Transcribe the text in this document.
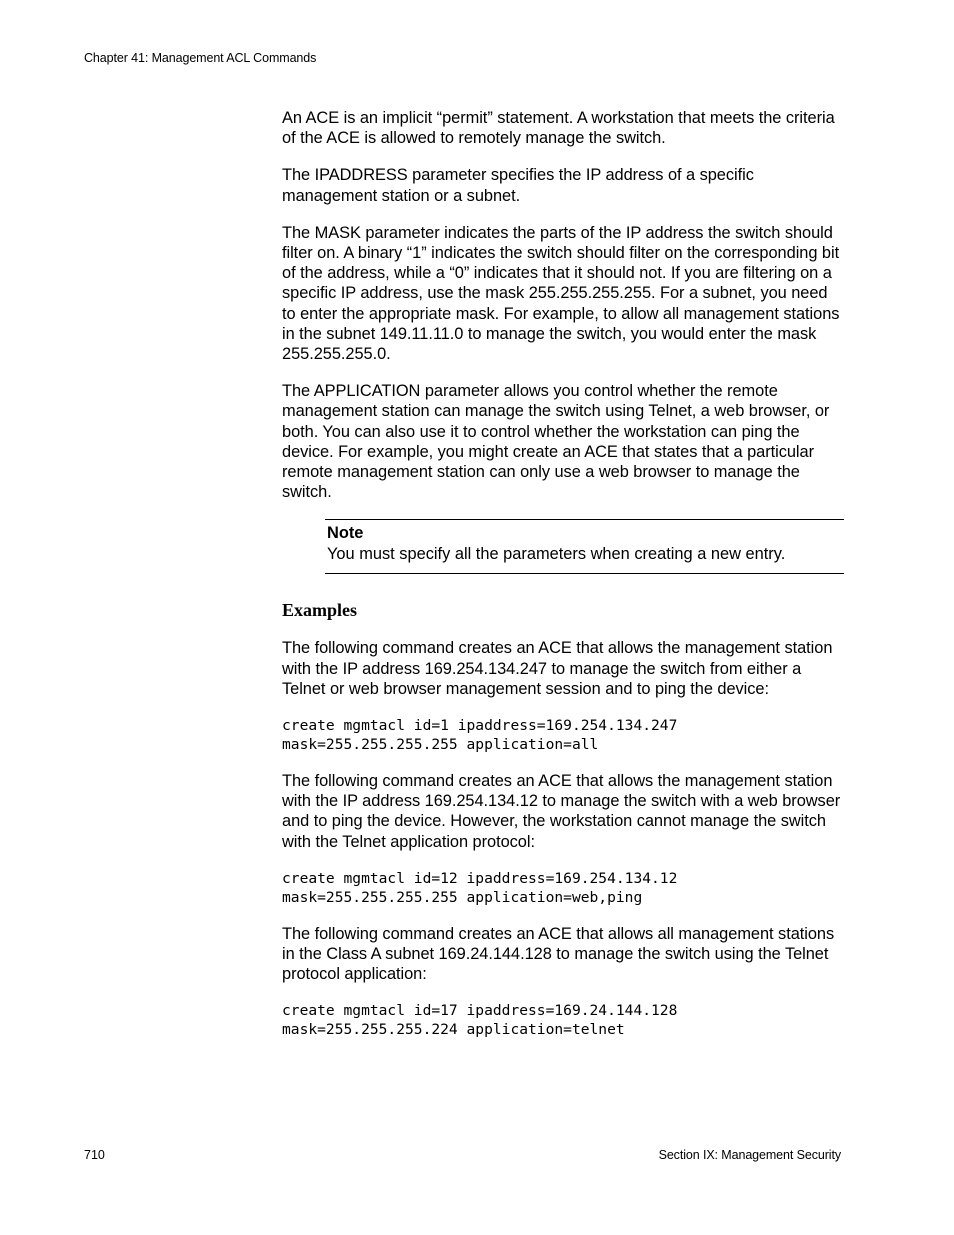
Chapter 41: Management ACL Commands

An ACE is an implicit “permit” statement. A workstation that meets the criteria of the ACE is allowed to remotely manage the switch.

The IPADDRESS parameter specifies the IP address of a specific management station or a subnet.

The MASK parameter indicates the parts of the IP address the switch should filter on. A binary “1” indicates the switch should filter on the corresponding bit of the address, while a “0” indicates that it should not. If you are filtering on a specific IP address, use the mask 255.255.255.255. For a subnet, you need to enter the appropriate mask. For example, to allow all management stations in the subnet 149.11.11.0 to manage the switch, you would enter the mask 255.255.255.0.

The APPLICATION parameter allows you control whether the remote management station can manage the switch using Telnet, a web browser, or both. You can also use it to control whether the workstation can ping the device. For example, you might create an ACE that states that a particular remote management station can only use a web browser to manage the switch.

Note
You must specify all the parameters when creating a new entry.
Examples

The following command creates an ACE that allows the management station with the IP address 169.254.134.247 to manage the switch from either a Telnet or web browser management session and to ping the device:

create mgmtacl id=1 ipaddress=169.254.134.247
mask=255.255.255.255 application=all

The following command creates an ACE that allows the management station with the IP address 169.254.134.12 to manage the switch with a web browser and to ping the device. However, the workstation cannot manage the switch with the Telnet application protocol:

create mgmtacl id=12 ipaddress=169.254.134.12
mask=255.255.255.255 application=web,ping

The following command creates an ACE that allows all management stations in the Class A subnet 169.24.144.128 to manage the switch using the Telnet protocol application:

create mgmtacl id=17 ipaddress=169.24.144.128
mask=255.255.255.224 application=telnet
710	Section IX: Management Security
